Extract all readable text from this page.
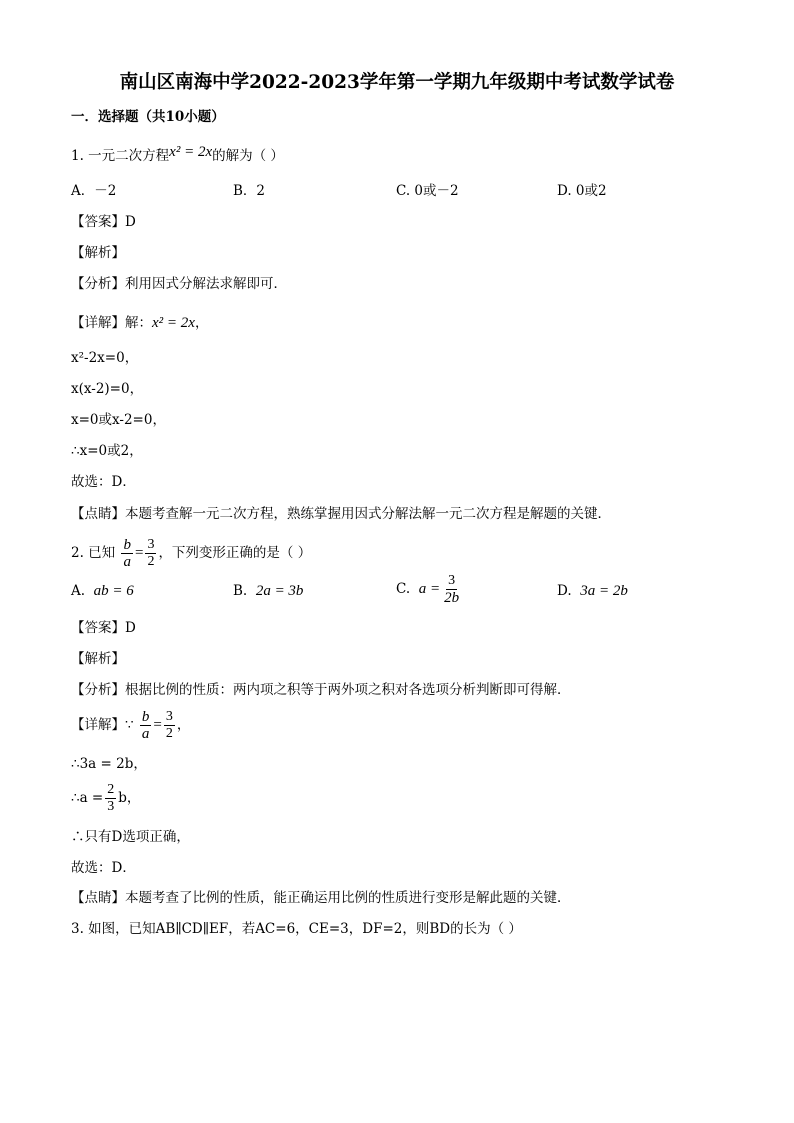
南山区南海中学2022-2023学年第一学期九年级期中考试数学试卷
一．选择题（共10小题）
1. 一元二次方程x² = 2x的解为（ ）
A．－2	B．2	C. 0或－2	D. 0或2
【答案】D
【解析】
【分析】利用因式分解法求解即可．
【详解】解：x² = 2x，
x²-2x=0，
x(x-2)=0，
x=0或x-2=0，
∴x=0或2，
故选：D．
【点睛】本题考查解一元二次方程，熟练掌握用因式分解法解一元二次方程是解题的关键．
2. 已知 $\frac{b}{a} = \frac{3}{2}$ ，下列变形正确的是（ ）
A. ab = 6	B. 2a = 3b	C. $a = \frac{3}{2b}$	D. 3a = 2b
【答案】D
【解析】
【分析】根据比例的性质：两内项之积等于两外项之积对各选项分析判断即可得解．
【详解】∵ $\frac{b}{a} = \frac{3}{2}$ ，
∴3a = 2b，
∴a = $\frac{2}{3}$ b，
∴只有D选项正确，
故选：D．
【点睛】本题考查了比例的性质，能正确运用比例的性质进行变形是解此题的关键．
3. 如图，已知AB∥CD∥EF，若AC=6，CE=3，DF=2，则BD的长为（ ）
